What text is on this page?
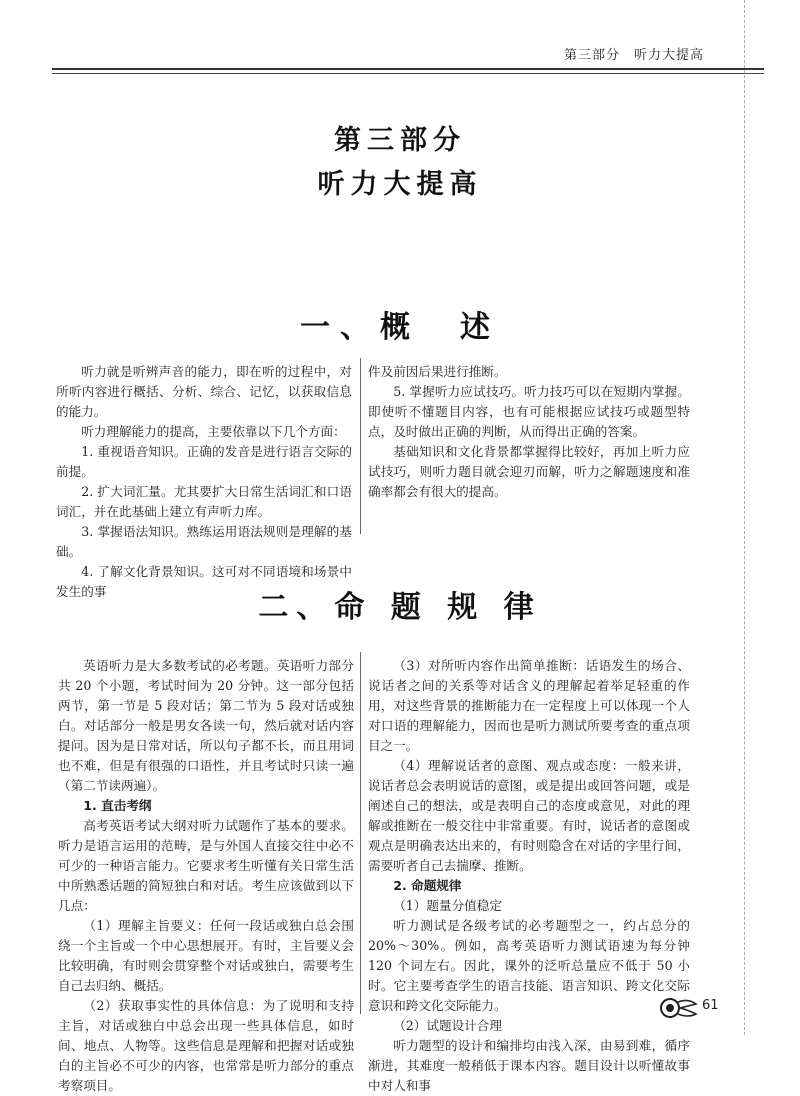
第三部分　听力大提高
第三部分
听力大提高
一、概　述

听力就是听辨声音的能力，即在听的过程中，对所听内容进行概括、分析、综合、记忆，以获取信息的能力。

听力理解能力的提高，主要依靠以下几个方面：

1. 重视语音知识。正确的发音是进行语言交际的前提。

2. 扩大词汇量。尤其要扩大日常生活词汇和口语词汇，并在此基础上建立有声听力库。

3. 掌握语法知识。熟练运用语法规则是理解的基础。

4. 了解文化背景知识。这可对不同语境和场景中发生的事

件及前因后果进行推断。

5. 掌握听力应试技巧。听力技巧可以在短期内掌握。即使听不懂题目内容，也有可能根据应试技巧或题型特点，及时做出正确的判断，从而得出正确的答案。

基础知识和文化背景都掌握得比较好，再加上听力应试技巧，则听力题目就会迎刃而解，听力之解题速度和准确率都会有很大的提高。

二、命 题 规 律

英语听力是大多数考试的必考题。英语听力部分共 20 个小题，考试时间为 20 分钟。这一部分包括两节，第一节是 5 段对话；第二节为 5 段对话或独白。对话部分一般是男女各读一句，然后就对话内容提问。因为是日常对话，所以句子都不长，而且用词也不难，但是有很强的口语性，并且考试时只读一遍（第二节读两遍）。

1. 直击考纲

高考英语考试大纲对听力试题作了基本的要求。听力是语言运用的范畴，是与外国人直接交往中必不可少的一种语言能力。它要求考生听懂有关日常生活中所熟悉话题的简短独白和对话。考生应该做到以下几点：

（1）理解主旨要义：任何一段话或独白总会围绕一个主旨或一个中心思想展开。有时，主旨要义会比较明确，有时则会贯穿整个对话或独白，需要考生自己去归纳、概括。

（2）获取事实性的具体信息：为了说明和支持主旨，对话或独白中总会出现一些具体信息，如时间、地点、人物等。这些信息是理解和把握对话或独白的主旨必不可少的内容，也常常是听力部分的重点考察项目。

（3）对所听内容作出简单推断：话语发生的场合、说话者之间的关系等对话含义的理解起着举足轻重的作用，对这些背景的推断能力在一定程度上可以体现一个人对口语的理解能力，因而也是听力测试所要考查的重点项目之一。

（4）理解说话者的意图、观点或态度：一般来讲，说话者总会表明说话的意图，或是提出或回答问题，或是阐述自己的想法，或是表明自己的态度或意见，对此的理解或推断在一般交往中非常重要。有时，说话者的意图或观点是明确表达出来的，有时则隐含在对话的字里行间，需要听者自己去揣摩、推断。

2. 命题规律

（1）题量分值稳定

听力测试是各级考试的必考题型之一，约占总分的 20%～30%。例如，高考英语听力测试语速为每分钟 120 个词左右。因此，课外的泛听总量应不低于 50 小时。它主要考查学生的语言技能、语言知识、跨文化交际意识和跨文化交际能力。

（2）试题设计合理

听力题型的设计和编排均由浅入深，由易到难，循序渐进，其难度一般稍低于课本内容。题目设计以听懂故事中对人和事

61
